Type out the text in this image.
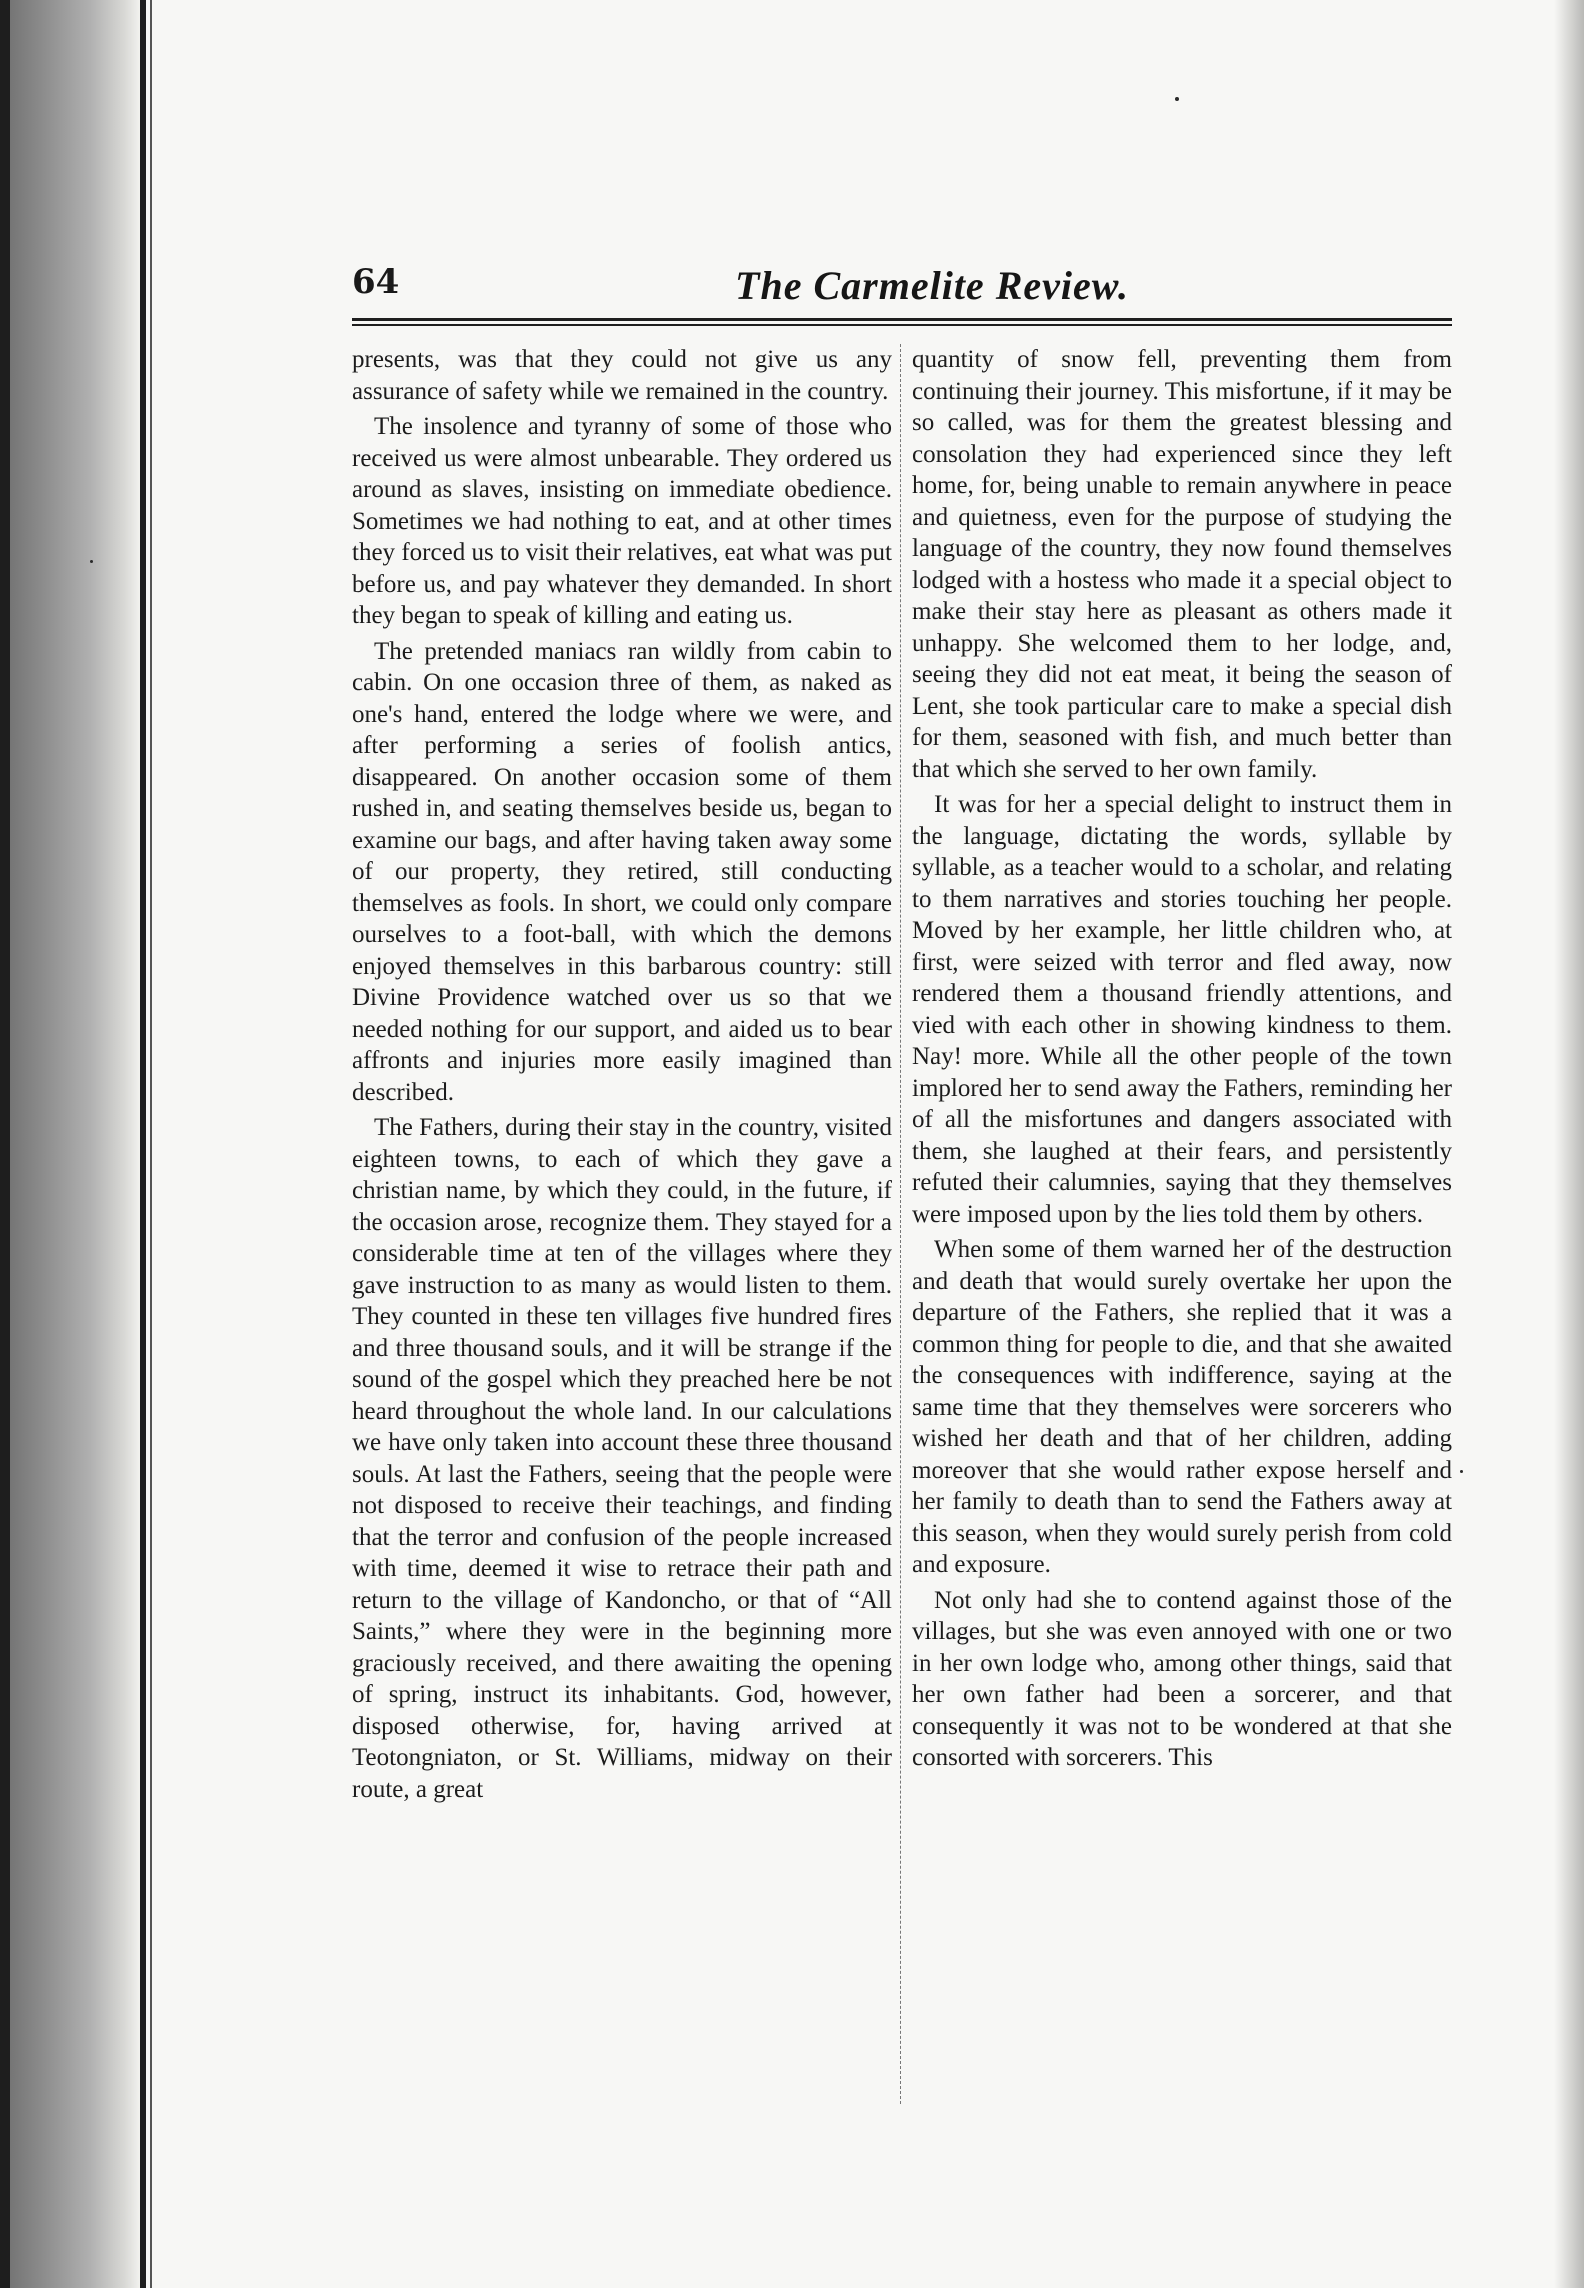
64	The Carmelite Review.

presents, was that they could not give us any assurance of safety while we remained in the country.

The insolence and tyranny of some of those who received us were almost unbearable. They ordered us around as slaves, insisting on immediate obedience. Sometimes we had nothing to eat, and at other times they forced us to visit their relatives, eat what was put before us, and pay whatever they demanded. In short they began to speak of killing and eating us.

The pretended maniacs ran wildly from cabin to cabin. On one occasion three of them, as naked as one's hand, entered the lodge where we were, and after performing a series of foolish antics, disappeared. On another occasion some of them rushed in, and seating themselves beside us, began to examine our bags, and after having taken away some of our property, they retired, still conducting themselves as fools. In short, we could only compare ourselves to a foot-ball, with which the demons enjoyed themselves in this barbarous country: still Divine Providence watched over us so that we needed nothing for our support, and aided us to bear affronts and injuries more easily imagined than described.

The Fathers, during their stay in the country, visited eighteen towns, to each of which they gave a christian name, by which they could, in the future, if the occasion arose, recognize them. They stayed for a considerable time at ten of the villages where they gave instruction to as many as would listen to them. They counted in these ten villages five hundred fires and three thousand souls, and it will be strange if the sound of the gospel which they preached here be not heard throughout the whole land. In our calculations we have only taken into account these three thousand souls. At last the Fathers, seeing that the people were not disposed to receive their teachings, and finding that the terror and confusion of the people increased with time, deemed it wise to retrace their path and return to the village of Kandoncho, or that of “All Saints,” where they were in the beginning more graciously received, and there awaiting the opening of spring, instruct its inhabitants. God, however, disposed otherwise, for, having arrived at Teotongniaton, or St. Williams, midway on their route, a great

quantity of snow fell, preventing them from continuing their journey. This misfortune, if it may be so called, was for them the greatest blessing and consolation they had experienced since they left home, for, being unable to remain anywhere in peace and quietness, even for the purpose of studying the language of the country, they now found themselves lodged with a hostess who made it a special object to make their stay here as pleasant as others made it unhappy. She welcomed them to her lodge, and, seeing they did not eat meat, it being the season of Lent, she took particular care to make a special dish for them, seasoned with fish, and much better than that which she served to her own family.

It was for her a special delight to instruct them in the language, dictating the words, syllable by syllable, as a teacher would to a scholar, and relating to them narratives and stories touching her people. Moved by her example, her little children who, at first, were seized with terror and fled away, now rendered them a thousand friendly attentions, and vied with each other in showing kindness to them. Nay! more. While all the other people of the town implored her to send away the Fathers, reminding her of all the misfortunes and dangers associated with them, she laughed at their fears, and persistently refuted their calumnies, saying that they themselves were imposed upon by the lies told them by others.

When some of them warned her of the destruction and death that would surely overtake her upon the departure of the Fathers, she replied that it was a common thing for people to die, and that she awaited the consequences with indifference, saying at the same time that they themselves were sorcerers who wished her death and that of her children, adding moreover that she would rather expose herself and her family to death than to send the Fathers away at this season, when they would surely perish from cold and exposure.

Not only had she to contend against those of the villages, but she was even annoyed with one or two in her own lodge who, among other things, said that her own father had been a sorcerer, and that consequently it was not to be wondered at that she consorted with sorcerers. This
